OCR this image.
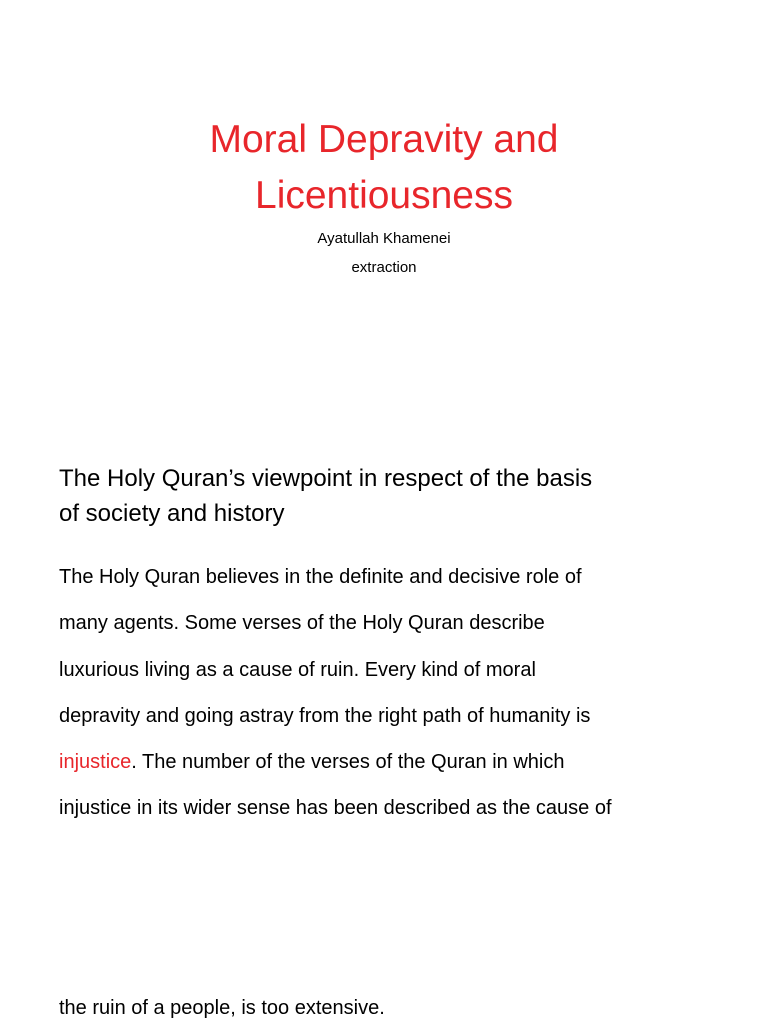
Moral Depravity and
Licentiousness

Ayatullah Khamenei

extraction

The Holy Quran’s viewpoint in respect of the basis
of society and history

The Holy Quran believes in the definite and decisive role of

many agents. Some verses of the Holy Quran describe

luxurious living as a cause of ruin. Every kind of moral

depravity and going astray from the right path of humanity is

injustice. The number of the verses of the Quran in which

injustice in its wider sense has been described as the cause of

the ruin of a people, is too extensive.
